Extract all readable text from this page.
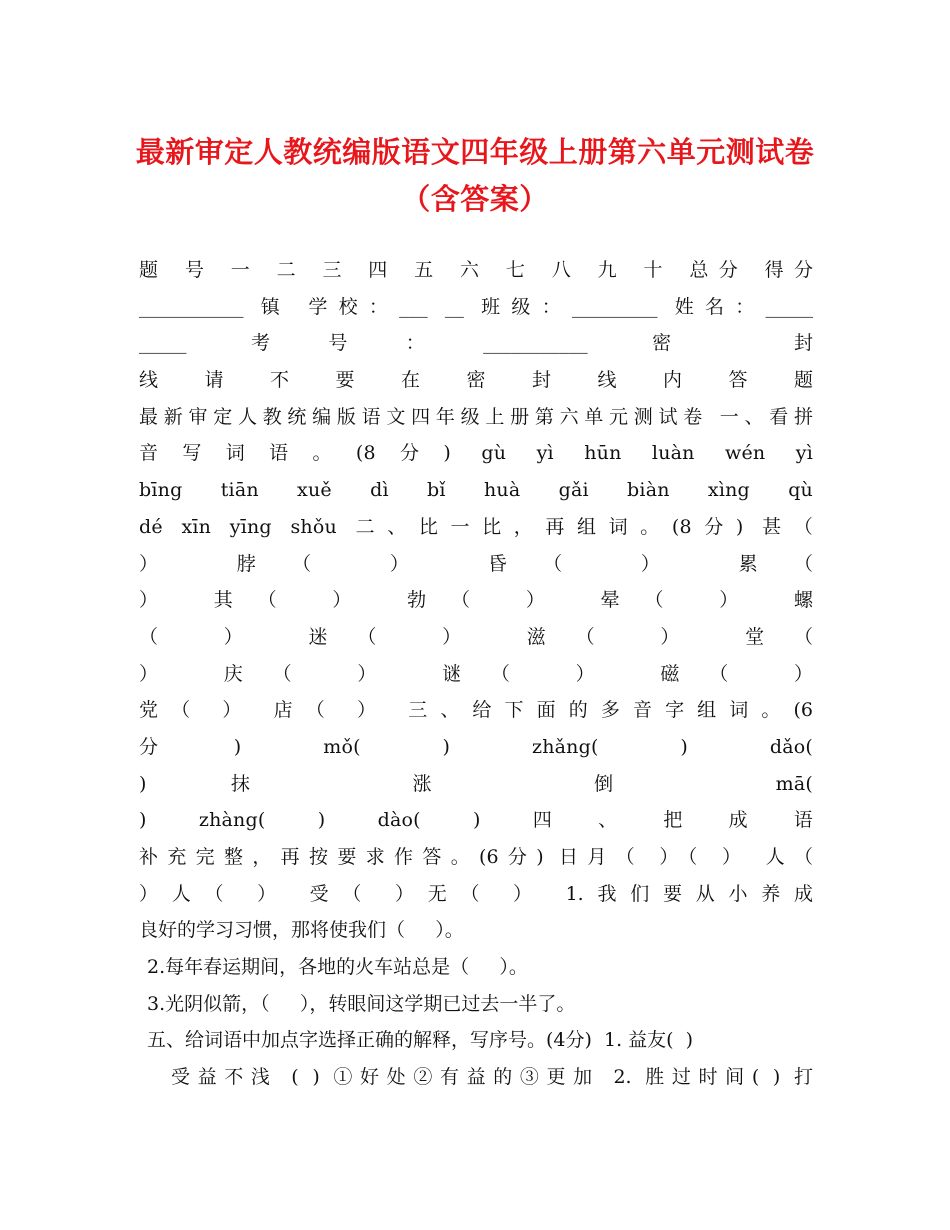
最新审定人教统编版语文四年级上册第六单元测试卷
（含答案）
题 号 一 二 三 四 五 六 七 八 九 十 总分 得分
___________ 镇 学校：___ __ 班级：_________ 姓名：_____
_____ 考号：___________ 密 封
线 请 不 要 在 密 封 线 内 答 题
最新审定人教统编版语文四年级上册第六单元测试卷 一、看拼
音写词语。(8分) gù yì hūn luàn wén yì
bīng tiān xuě dì bǐ huà gǎi biàn xìng qù
dé xīn yīng shǒu 二、比一比，再组词。(8分) 甚（
） 脖（ ） 昏（ ） 累（
） 其（ ） 勃（ ） 晕（ ） 螺
（ ） 迷（ ） 滋（ ） 堂（
） 庆（ ） 谜（ ） 磁（ ）
党（ ） 店（ ） 三、给下面的多音字组词。(6
分) mǒ( ) zhǎng( ) dǎo(
) 抹 涨 倒 mā(
) zhàng( ) dào( ) 四、把成语
补充完整，再按要求作答。(6分) 日月（ ）（ ） 人（
）人（ ） 受（ ）无（ ） 1.我们要从小养成
良好的学习习惯，那将使我们（     ）。
2.每年春运期间，各地的火车站总是（     ）。
3.光阴似箭，（     ），转眼间这学期已过去一半了。
五、给词语中加点字选择正确的解释，写序号。(4分)  1. 益友(  )
受益不浅 ( ) ①好处②有益的③更加 2. 胜过时间( ) 打
